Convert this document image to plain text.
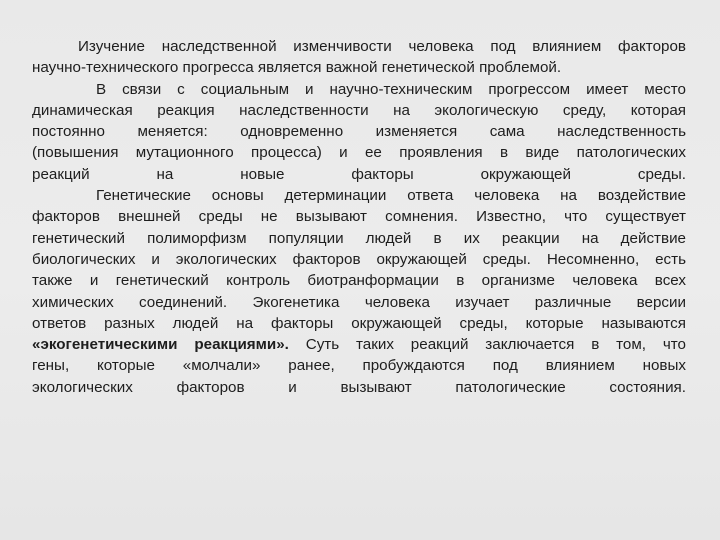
Изучение наследственной изменчивости человека под влиянием факторов
научно-технического прогресса является важной генетической проблемой.
В связи с социальным и научно-техническим прогрессом имеет место
динамическая реакция наследственности на экологическую среду, которая
постоянно меняется: одновременно изменяется сама наследственность
(повышения мутационного процесса) и ее проявления в виде патологических
реакций на новые факторы окружающей среды.
Генетические основы детерминации ответа человека на воздействие
факторов внешней среды не вызывают сомнения. Известно, что существует
генетический полиморфизм популяции людей в их реакции на действие
биологических и экологических факторов окружающей среды. Несомненно, есть
также и генетический контроль биотранформации в организме человека всех
химических соединений. Экогенетика человека изучает различные версии
ответов разных людей на факторы окружающей среды, которые называются
«экогенетическими реакциями». Суть таких реакций заключается в том, что
гены, которые «молчали» ранее, пробуждаются под влиянием новых
экологических факторов и вызывают патологические состояния.
